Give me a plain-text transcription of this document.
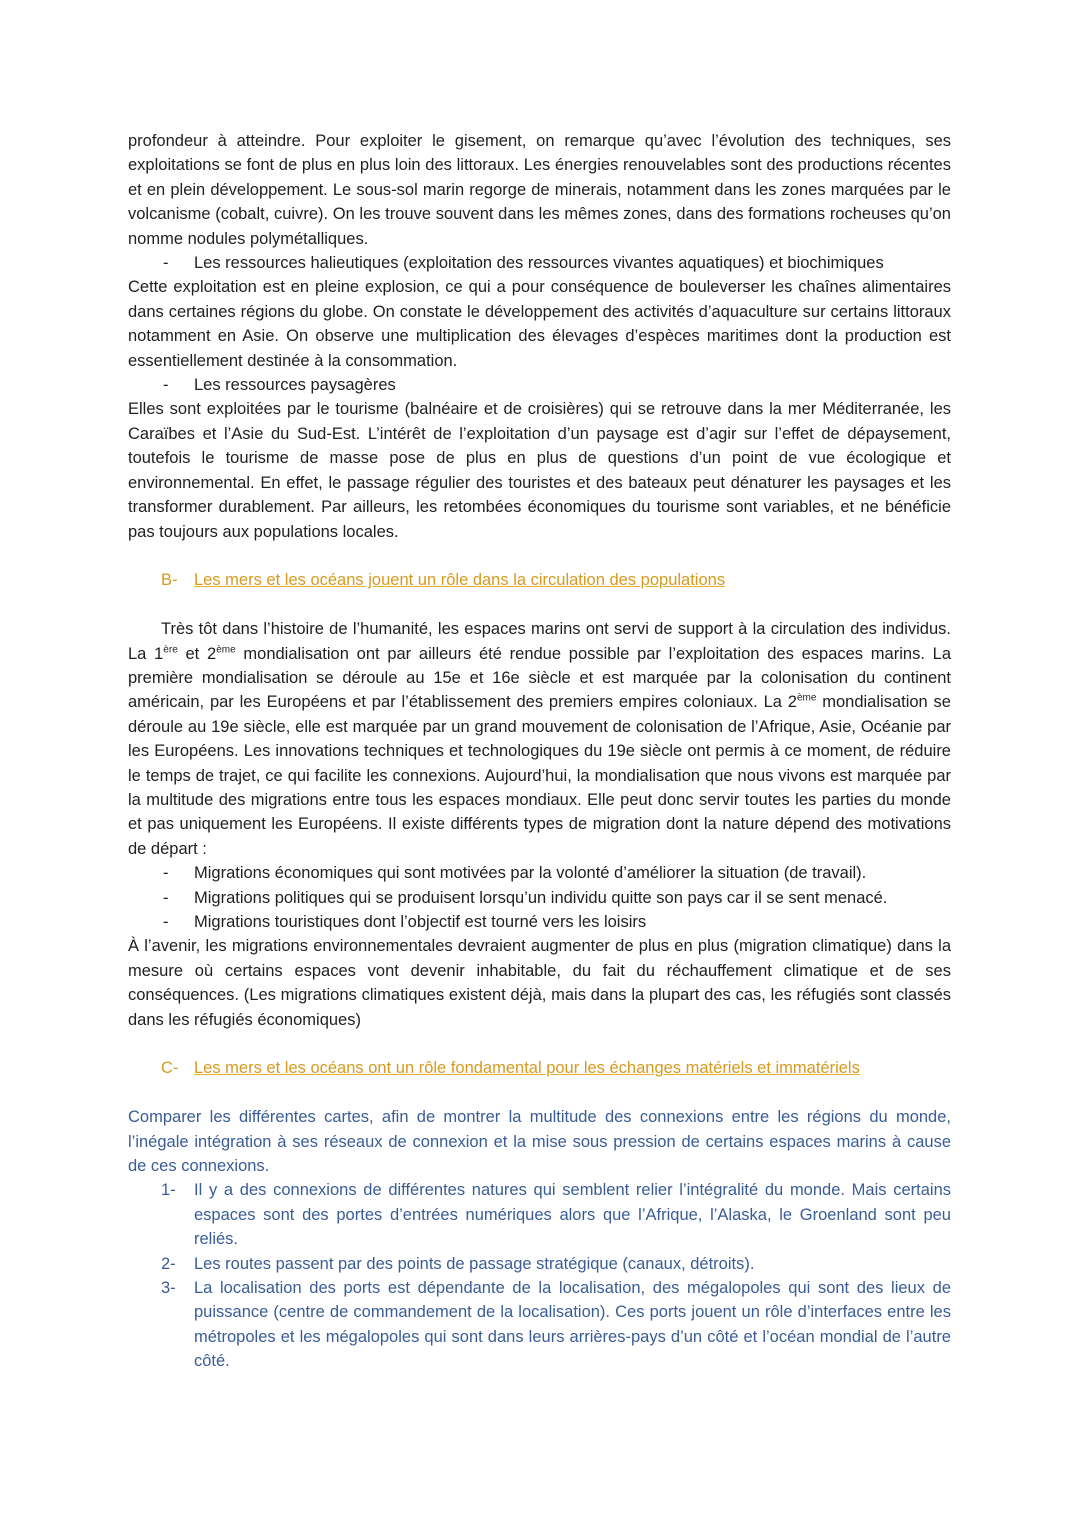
profondeur à atteindre. Pour exploiter le gisement, on remarque qu’avec l’évolution des techniques, ses exploitations se font de plus en plus loin des littoraux. Les énergies renouvelables sont des productions récentes et en plein développement. Le sous-sol marin regorge de minerais, notamment dans les zones marquées par le volcanisme (cobalt, cuivre). On les trouve souvent dans les mêmes zones, dans des formations rocheuses qu’on nomme nodules polymétalliques.

- Les ressources halieutiques (exploitation des ressources vivantes aquatiques) et biochimiques

Cette exploitation est en pleine explosion, ce qui a pour conséquence de bouleverser les chaînes alimentaires dans certaines régions du globe. On constate le développement des activités d’aquaculture sur certains littoraux notamment en Asie. On observe une multiplication des élevages d’espèces maritimes dont la production est essentiellement destinée à la consommation.

- Les ressources paysagères

Elles sont exploitées par le tourisme (balnéaire et de croisières) qui se retrouve dans la mer Méditerranée, les Caraïbes et l’Asie du Sud-Est. L’intérêt de l’exploitation d’un paysage est d’agir sur l’effet de dépaysement, toutefois le tourisme de masse pose de plus en plus de questions d’un point de vue écologique et environnemental. En effet, le passage régulier des touristes et des bateaux peut dénaturer les paysages et les transformer durablement. Par ailleurs, les retombées économiques du tourisme sont variables, et ne bénéficie pas toujours aux populations locales.

B- Les mers et les océans jouent un rôle dans la circulation des populations

Très tôt dans l’histoire de l’humanité, les espaces marins ont servi de support à la circulation des individus. La 1ère et 2ème mondialisation ont par ailleurs été rendue possible par l’exploitation des espaces marins. La première mondialisation se déroule au 15e et 16e siècle et est marquée par la colonisation du continent américain, par les Européens et par l’établissement des premiers empires coloniaux. La 2ème mondialisation se déroule au 19e siècle, elle est marquée par un grand mouvement de colonisation de l’Afrique, Asie, Océanie par les Européens. Les innovations techniques et technologiques du 19e siècle ont permis à ce moment, de réduire le temps de trajet, ce qui facilite les connexions. Aujourd’hui, la mondialisation que nous vivons est marquée par la multitude des migrations entre tous les espaces mondiaux. Elle peut donc servir toutes les parties du monde et pas uniquement les Européens. Il existe différents types de migration dont la nature dépend des motivations de départ :

- Migrations économiques qui sont motivées par la volonté d’améliorer la situation (de travail).

- Migrations politiques qui se produisent lorsqu’un individu quitte son pays car il se sent menacé.

- Migrations touristiques dont l’objectif est tourné vers les loisirs

À l’avenir, les migrations environnementales devraient augmenter de plus en plus (migration climatique) dans la mesure où certains espaces vont devenir inhabitable, du fait du réchauffement climatique et de ses conséquences. (Les migrations climatiques existent déjà, mais dans la plupart des cas, les réfugiés sont classés dans les réfugiés économiques)

C- Les mers et les océans ont un rôle fondamental pour les échanges matériels et immatériels

Comparer les différentes cartes, afin de montrer la multitude des connexions entre les régions du monde, l’inégale intégration à ses réseaux de connexion et la mise sous pression de certains espaces marins à cause de ces connexions.

1- Il y a des connexions de différentes natures qui semblent relier l’intégralité du monde. Mais certains espaces sont des portes d’entrées numériques alors que l’Afrique, l’Alaska, le Groenland sont peu reliés.

2- Les routes passent par des points de passage stratégique (canaux, détroits).

3- La localisation des ports est dépendante de la localisation, des mégalopoles qui sont des lieux de puissance (centre de commandement de la localisation). Ces ports jouent un rôle d’interfaces entre les métropoles et les mégalopoles qui sont dans leurs arrières-pays d’un côté et l’océan mondial de l’autre côté.
